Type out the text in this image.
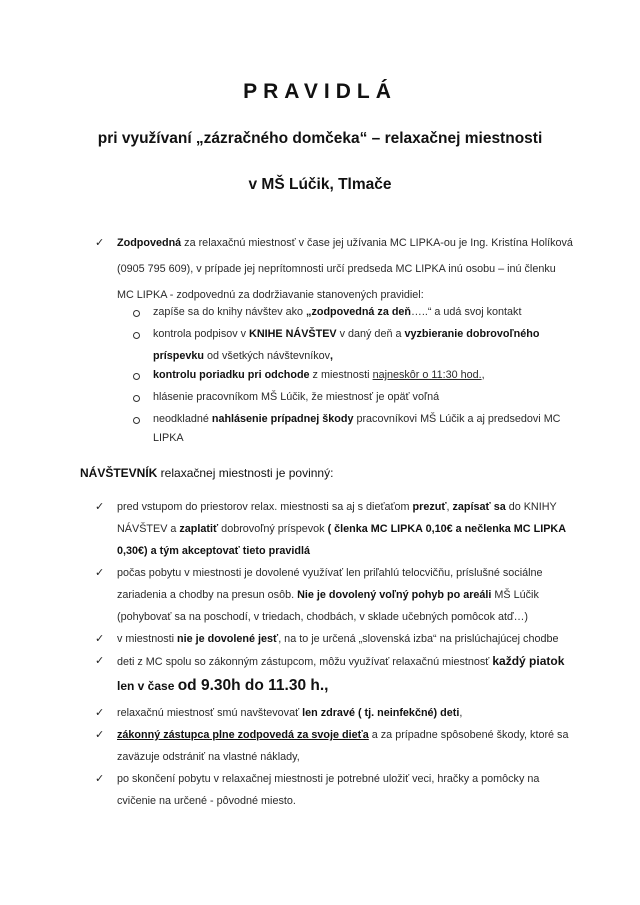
PRAVIDLÁ
pri využívaní „zázračného domčeka“ – relaxačnej miestnosti
v MŠ Lúčik, Tlmače
✓ Zodpovedná za relaxačnú miestnosť v čase jej užívania MC LIPKA-ou je Ing. Kristína Holíková
(0905 795 609), v prípade jej neprítomnosti určí predseda MC LIPKA inú osobu – inú členku
MC LIPKA - zodpovednú za dodržiavanie stanovených pravidiel:
zapíše sa do knihy návštev ako „zodpovedná za deň…..“ a udá svoj kontakt
kontrola podpisov v KNIHE NÁVŠTEV v daný deň a vyzbieranie dobrovoľného
príspevku od všetkých návštevníkov,
kontrolu poriadku pri odchode z miestnosti najneskôr o 11:30 hod.,
hlásenie pracovníkom MŠ Lúčik, že miestnosť je opäť voľná
neodkladné nahlásenie prípadnej škody pracovníkovi MŠ Lúčik a aj predsedovi MC
LIPKA
NÁVŠTEVNÍK relaxačnej miestnosti je povinný:
✓ pred vstupom do priestorov relax. miestnosti sa aj s dieťaťom prezuť, zapísať sa do KNIHY
NÁVŠTEV a zaplatiť dobrovoľný príspevok ( členka MC LIPKA 0,10€ a nečlenka MC LIPKA
0,30€) a tým akceptovať tieto pravidlá
✓ počas pobytu v miestnosti je dovolené využívať len priľahlú telocvičňu, príslušné sociálne
zariadenia a chodby na presun osôb. Nie je dovolený voľný pohyb po areáli MŠ Lúčik
(pohybovať sa na poschodí, v triedach, chodbách, v sklade učebných pomôcok atď…)
✓ v miestnosti nie je dovolené jesť, na to je určená „slovenská izba“ na prislúchajúcej chodbe
✓ deti z MC spolu so zákonným zástupcom, môžu využívať relaxačnú miestnosť každý piatok
len v čase od 9.30h do 11.30 h.,
✓ relaxačnú miestnosť smú navštevovať len zdravé ( tj. neinfekčné) deti,
✓ zákonný zástupca plne zodpovedá za svoje dieťa a za prípadne spôsobené škody, ktoré sa
zaväzuje odstrániť na vlastné náklady,
✓ po skončení pobytu v relaxačnej miestnosti je potrebné uložiť veci, hračky a pomôcky na
cvičenie na určené - pôvodné miesto.
